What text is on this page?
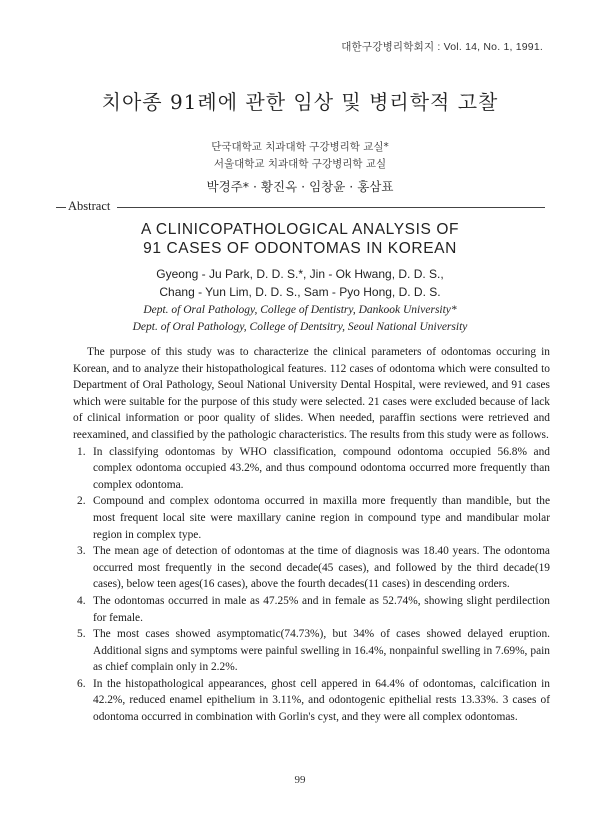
대한구강병리학회지 : Vol. 14, No. 1, 1991.
치아종 91례에 관한 임상 및 병리학적 고찰
단국대학교 치과대학 구강병리학 교실*
서울대학교 치과대학 구강병리학 교실
박경주* · 황진옥 · 임창윤 · 홍삼표
Abstract
A CLINICOPATHOLOGICAL ANALYSIS OF
91 CASES OF ODONTOMAS IN KOREAN
Gyeong - Ju Park, D. D. S.*, Jin - Ok Hwang, D. D. S.,
Chang - Yun Lim, D. D. S., Sam - Pyo Hong, D. D. S.
Dept. of Oral Pathology, College of Dentistry, Dankook University*
Dept. of Oral Pathology, College of Dentsitry, Seoul National University

The purpose of this study was to characterize the clinical parameters of odontomas occuring in Korean, and to analyze their histopathological features. 112 cases of odontoma which were consulted to Department of Oral Pathology, Seoul National University Dental Hospital, were reviewed, and 91 cases which were suitable for the purpose of this study were selected. 21 cases were excluded because of lack of clinical information or poor quality of slides. When needed, paraffin sections were retrieved and reexamined, and classified by the pathologic characteristics. The results from this study were as follows.

1. In classifying odontomas by WHO classification, compound odontoma occupied 56.8% and complex odontoma occupied 43.2%, and thus compound odontoma occurred more frequently than complex odontoma.
2. Compound and complex odontoma occurred in maxilla more frequently than mandible, but the most frequent local site were maxillary canine region in compound type and mandibular molar region in complex type.
3. The mean age of detection of odontomas at the time of diagnosis was 18.40 years. The odontoma occurred most frequently in the second decade(45 cases), and followed by the third decade(19 cases), below teen ages(16 cases), above the fourth decades(11 cases) in descending orders.
4. The odontomas occurred in male as 47.25% and in female as 52.74%, showing slight perdilection for female.
5. The most cases showed asymptomatic(74.73%), but 34% of cases showed delayed eruption. Additional signs and symptoms were painful swelling in 16.4%, nonpainful swelling in 7.69%, pain as chief complain only in 2.2%.
6. In the histopathological appearances, ghost cell appered in 64.4% of odontomas, calcification in 42.2%, reduced enamel epithelium in 3.11%, and odontogenic epithelial rests 13.33%. 3 cases of odontoma occurred in combination with Gorlin's cyst, and they were all complex odontomas.
99
